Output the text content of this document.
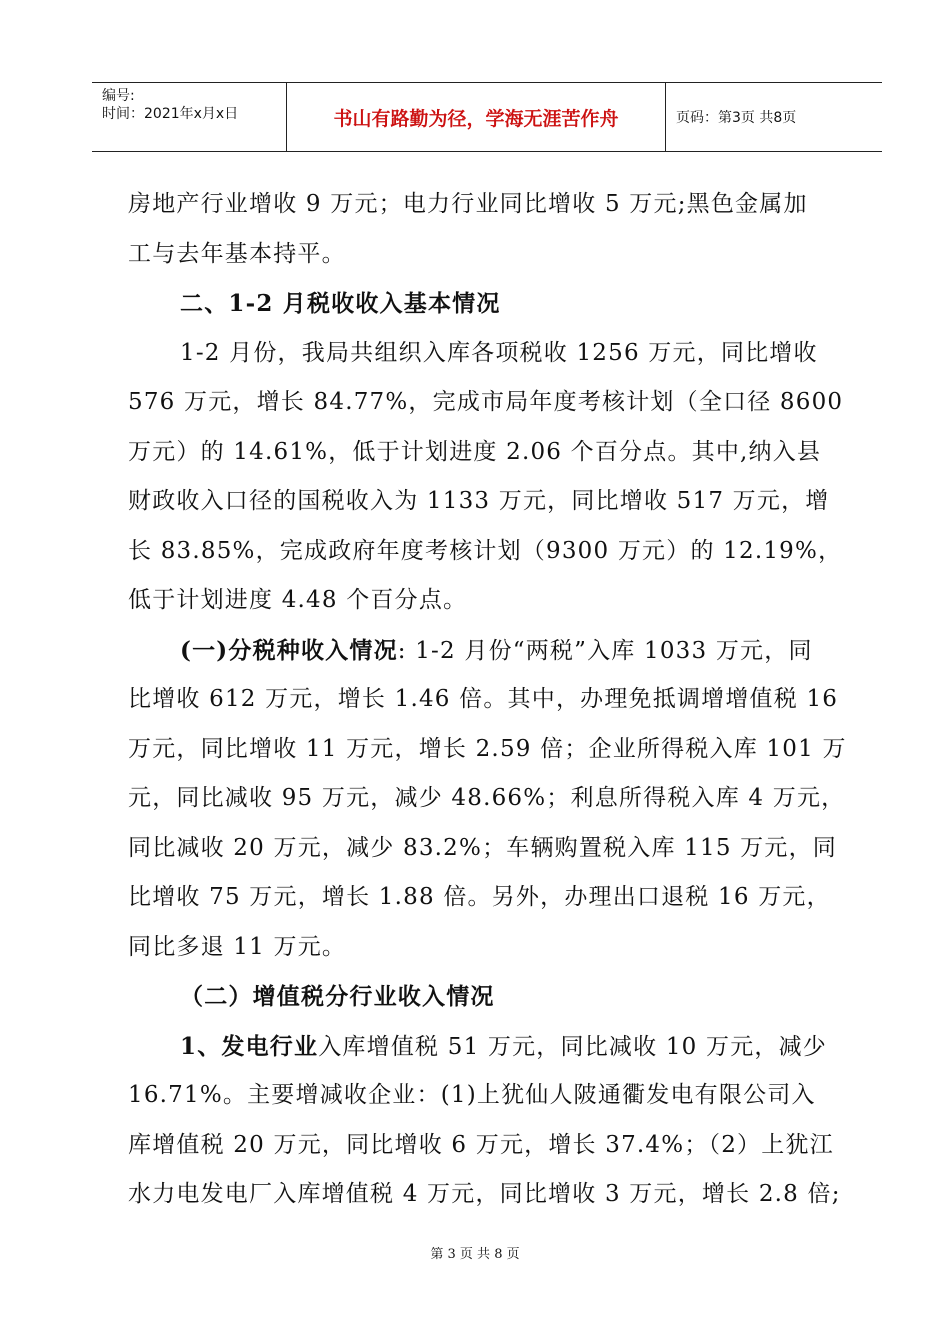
编号:
时间：2021年x月x日	书山有路勤为径，学海无涯苦作舟	页码：第3页 共8页
房地产行业增收 9 万元；电力行业同比增收 5 万元;黑色金属加
工与去年基本持平。
二、1-2 月税收收入基本情况
1-2 月份，我局共组织入库各项税收 1256 万元，同比增收
576 万元，增长 84.77%，完成市局年度考核计划（全口径 8600
万元）的 14.61%，低于计划进度 2.06 个百分点。其中,纳入县
财政收入口径的国税收入为 1133 万元，同比增收 517 万元，增
长 83.85%，完成政府年度考核计划（9300 万元）的 12.19%，
低于计划进度 4.48 个百分点。
(一)分税种收入情况: 1-2 月份“两税”入库 1033 万元，同
比增收 612 万元，增长 1.46 倍。其中，办理免抵调增增值税 16
万元，同比增收 11 万元，增长 2.59 倍；企业所得税入库 101 万
元，同比减收 95 万元，减少 48.66%；利息所得税入库 4 万元，
同比减收 20 万元，减少 83.2%；车辆购置税入库 115 万元，同
比增收 75 万元，增长 1.88 倍。另外，办理出口退税 16 万元，
同比多退 11 万元。
（二）增值税分行业收入情况
1、发电行业入库增值税 51 万元，同比减收 10 万元，减少
16.71%。主要增减收企业：(1)上犹仙人陂通衢发电有限公司入
库增值税 20 万元，同比增收 6 万元，增长 37.4%；（2）上犹江
水力电发电厂入库增值税 4 万元，同比增收 3 万元，增长 2.8 倍;
第 3 页 共 8 页
